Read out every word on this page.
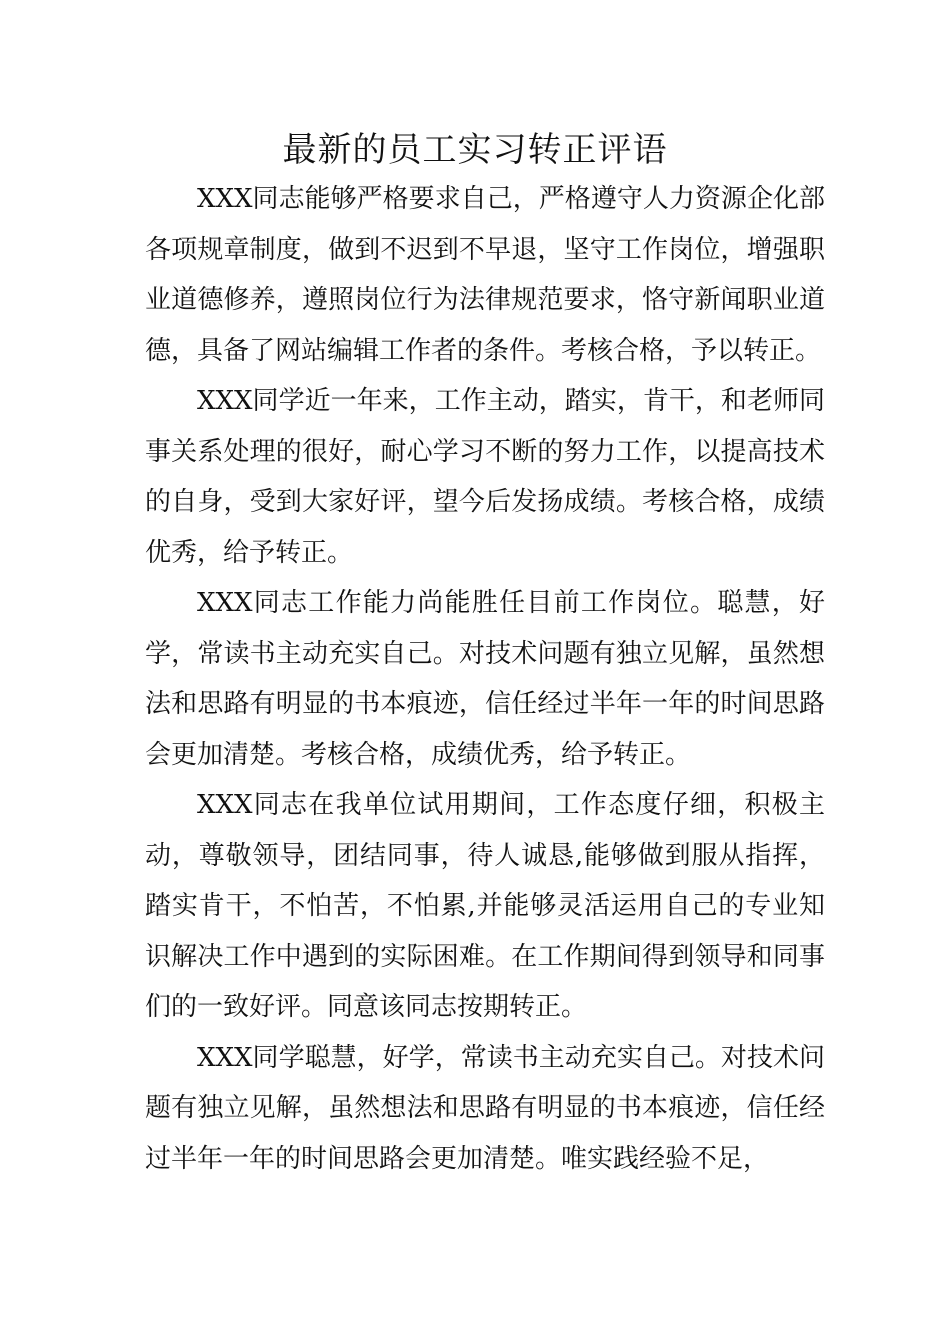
最新的员工实习转正评语

XXX同志能够严格要求自己，严格遵守人力资源企化部各项规章制度，做到不迟到不早退，坚守工作岗位，增强职业道德修养，遵照岗位行为法律规范要求，恪守新闻职业道德，具备了网站编辑工作者的条件。考核合格，予以转正。

XXX同学近一年来，工作主动，踏实，肯干，和老师同事关系处理的很好，耐心学习不断的努力工作，以提高技术的自身，受到大家好评，望今后发扬成绩。考核合格，成绩优秀，给予转正。

XXX同志工作能力尚能胜任目前工作岗位。聪慧，好学，常读书主动充实自己。对技术问题有独立见解，虽然想法和思路有明显的书本痕迹，信任经过半年一年的时间思路会更加清楚。考核合格，成绩优秀，给予转正。

XXX同志在我单位试用期间，工作态度仔细，积极主动，尊敬领导，团结同事，待人诚恳,能够做到服从指挥，踏实肯干，不怕苦，不怕累,并能够灵活运用自己的专业知识解决工作中遇到的实际困难。在工作期间得到领导和同事们的一致好评。同意该同志按期转正。

XXX同学聪慧，好学，常读书主动充实自己。对技术问题有独立见解，虽然想法和思路有明显的书本痕迹，信任经过半年一年的时间思路会更加清楚。唯实践经验不足，
